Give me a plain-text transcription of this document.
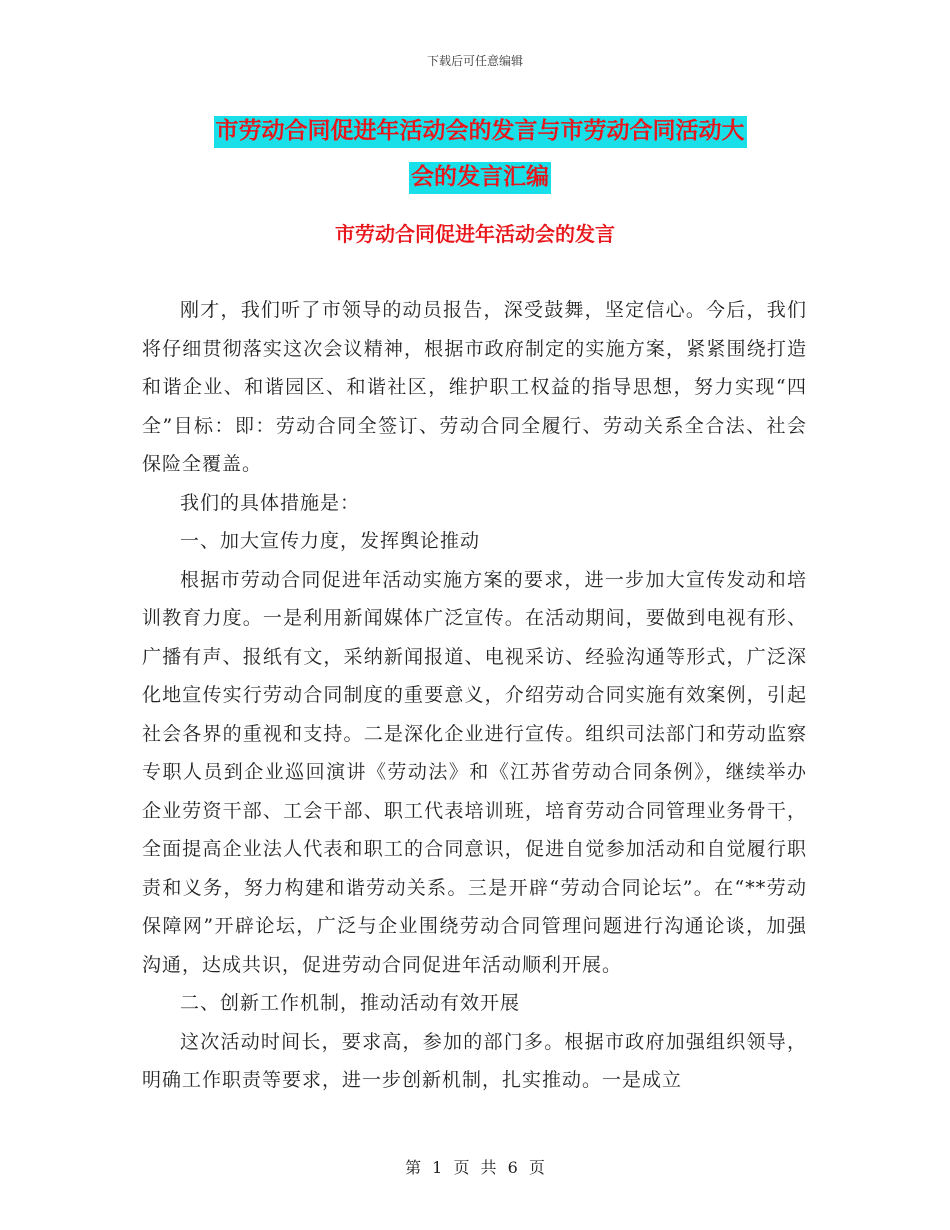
下载后可任意编辑
市劳动合同促进年活动会的发言与市劳动合同活动大
会的发言汇编
市劳动合同促进年活动会的发言

刚才，我们听了市领导的动员报告，深受鼓舞，坚定信心。今后，我们将仔细贯彻落实这次会议精神，根据市政府制定的实施方案，紧紧围绕打造和谐企业、和谐园区、和谐社区，维护职工权益的指导思想，努力实现“四全”目标：即：劳动合同全签订、劳动合同全履行、劳动关系全合法、社会保险全覆盖。

我们的具体措施是：

一、加大宣传力度，发挥舆论推动

根据市劳动合同促进年活动实施方案的要求，进一步加大宣传发动和培训教育力度。一是利用新闻媒体广泛宣传。在活动期间，要做到电视有形、广播有声、报纸有文，采纳新闻报道、电视采访、经验沟通等形式，广泛深化地宣传实行劳动合同制度的重要意义，介绍劳动合同实施有效案例，引起社会各界的重视和支持。二是深化企业进行宣传。组织司法部门和劳动监察专职人员到企业巡回演讲《劳动法》和《江苏省劳动合同条例》，继续举办企业劳资干部、工会干部、职工代表培训班，培育劳动合同管理业务骨干，全面提高企业法人代表和职工的合同意识，促进自觉参加活动和自觉履行职责和义务，努力构建和谐劳动关系。三是开辟“劳动合同论坛”。在“**劳动保障网”开辟论坛，广泛与企业围绕劳动合同管理问题进行沟通论谈，加强沟通，达成共识，促进劳动合同促进年活动顺利开展。

二、创新工作机制，推动活动有效开展

这次活动时间长，要求高，参加的部门多。根据市政府加强组织领导，明确工作职责等要求，进一步创新机制，扎实推动。一是成立

第 1 页 共 6 页
